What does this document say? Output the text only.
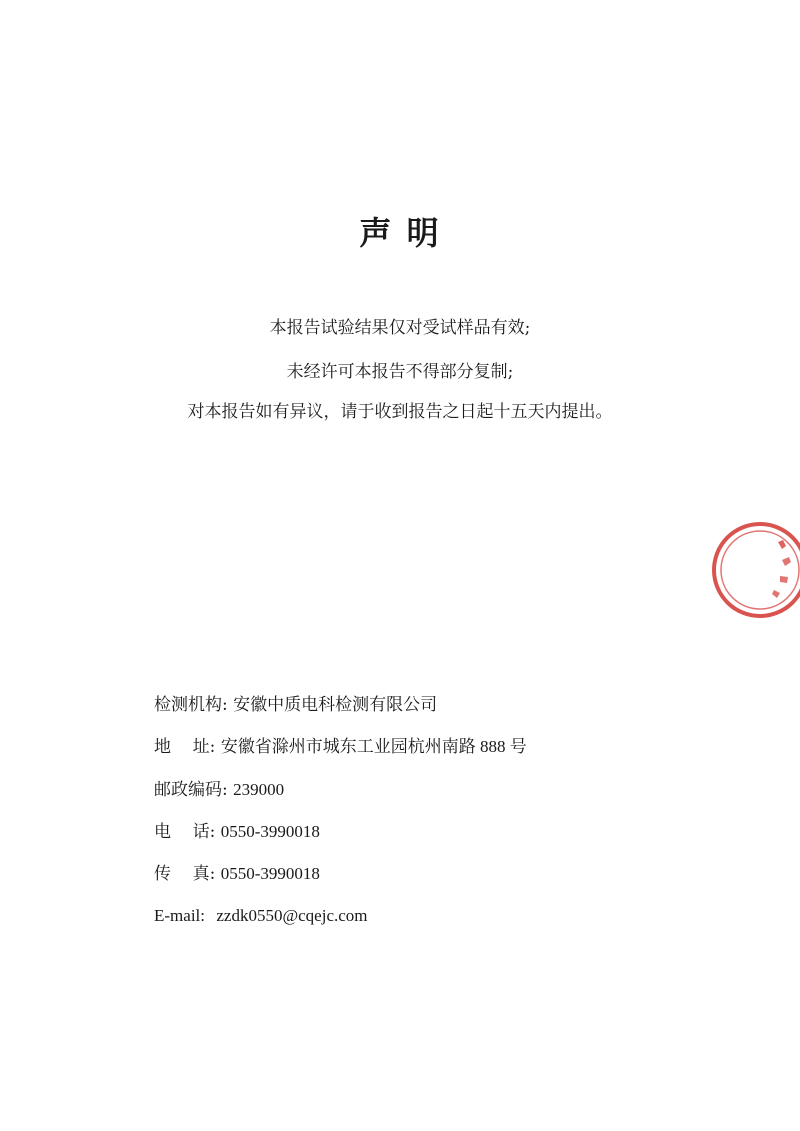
声 明
本报告试验结果仅对受试样品有效;
未经许可本报告不得部分复制;
对本报告如有异议，请于收到报告之日起十五天内提出。
检测机构: 安徽中质电科检测有限公司
地    址: 安徽省滁州市城东工业园杭州南路 888 号
邮政编码: 239000
电    话: 0550-3990018
传    真: 0550-3990018
E-mail: zzdk0550@cqejc.com
